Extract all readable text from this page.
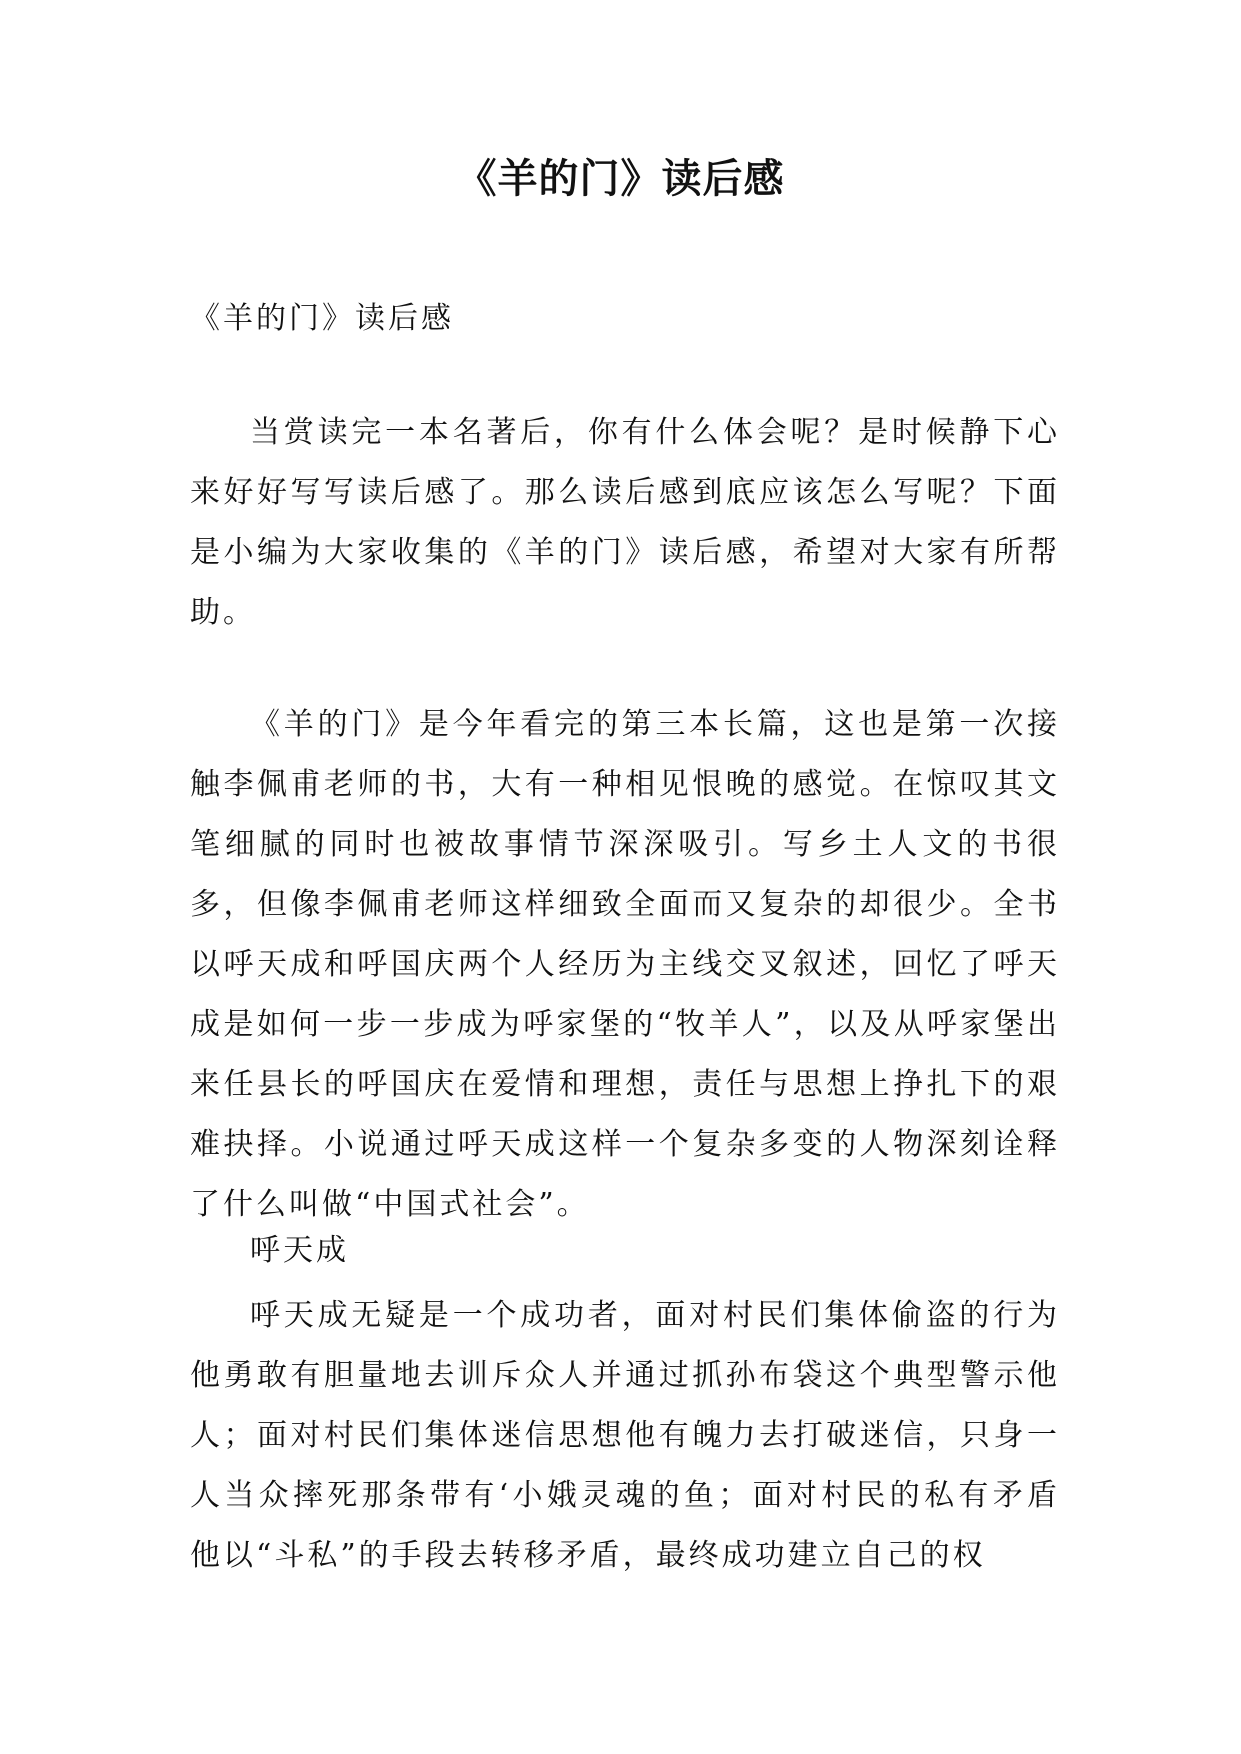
《羊的门》读后感

《羊的门》读后感

当赏读完一本名著后，你有什么体会呢？是时候静下心来好好写写读后感了。那么读后感到底应该怎么写呢？下面是小编为大家收集的《羊的门》读后感，希望对大家有所帮助。

《羊的门》是今年看完的第三本长篇，这也是第一次接触李佩甫老师的书，大有一种相见恨晚的感觉。在惊叹其文笔细腻的同时也被故事情节深深吸引。写乡土人文的书很多，但像李佩甫老师这样细致全面而又复杂的却很少。全书以呼天成和呼国庆两个人经历为主线交叉叙述，回忆了呼天成是如何一步一步成为呼家堡的“牧羊人”，以及从呼家堡出来任县长的呼国庆在爱情和理想，责任与思想上挣扎下的艰难抉择。小说通过呼天成这样一个复杂多变的人物深刻诠释了什么叫做“中国式社会”。

呼天成

呼天成无疑是一个成功者，面对村民们集体偷盗的行为他勇敢有胆量地去训斥众人并通过抓孙布袋这个典型警示他人；面对村民们集体迷信思想他有魄力去打破迷信，只身一人当众摔死那条带有‘小娥灵魂的鱼；面对村民的私有矛盾他以“斗私”的手段去转移矛盾，最终成功建立自己的权
